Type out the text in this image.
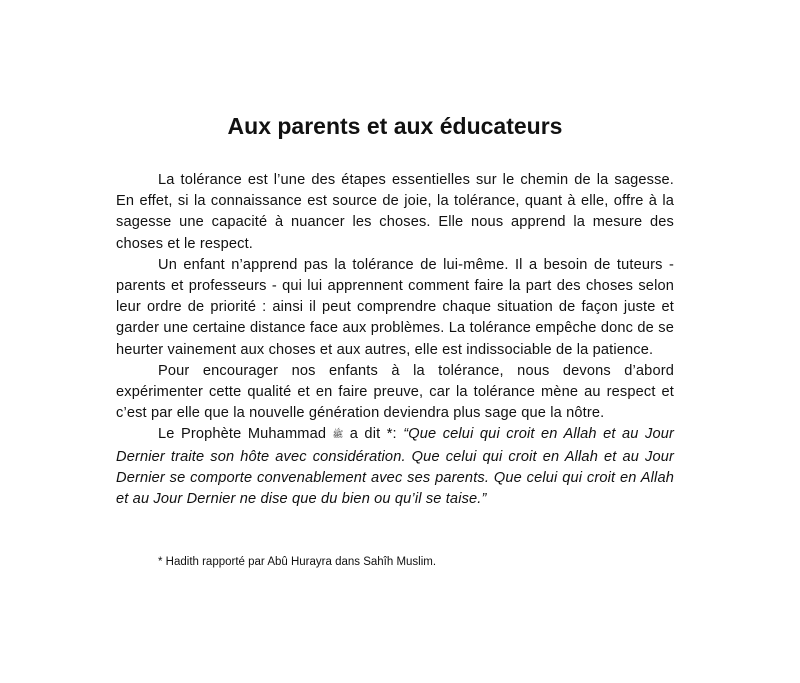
Aux parents et aux éducateurs

La tolérance est l’une des étapes essentielles sur le chemin de la sagesse. En effet, si la connaissance est source de joie, la tolérance, quant à elle, offre à la sagesse une capacité à nuancer les choses. Elle nous apprend la mesure des choses et le respect.

Un enfant n’apprend pas la tolérance de lui-même. Il a besoin de tuteurs - parents et professeurs - qui lui apprennent comment faire la part des choses selon leur ordre de priorité : ainsi il peut comprendre chaque situation de façon juste et garder une certaine distance face aux problèmes. La tolérance empêche donc de se heurter vainement aux choses et aux autres, elle est indissociable de la patience.

Pour encourager nos enfants à la tolérance, nous devons d’abord expérimenter cette qualité et en faire preuve, car la tolérance mène au respect et c’est par elle que la nouvelle génération deviendra plus sage que la nôtre.

Le Prophète Muhammad ﷺ a dit *: “Que celui qui croit en Allah et au Jour Dernier traite son hôte avec considération. Que celui qui croit en Allah et au Jour Dernier se comporte convenablement avec ses parents. Que celui qui croit en Allah et au Jour Dernier ne dise que du bien ou qu’il se taise.”

* Hadith rapporté par Abû Hurayra dans Sahîh Muslim.
